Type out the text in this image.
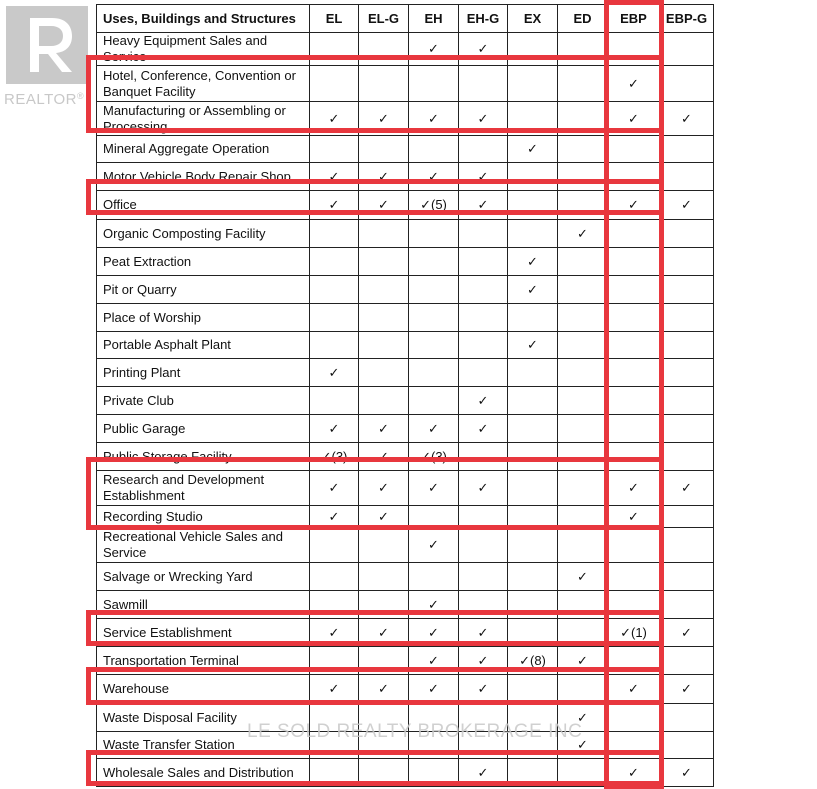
REALTOR®
Uses, Buildings and Structures	EL	EL-G	EH	EH-G	EX	ED	EBP	EBP-G
Heavy Equipment Sales and Service			✓	✓				
Hotel, Conference, Convention or Banquet Facility							✓	
Manufacturing or Assembling or Processing	✓	✓	✓	✓			✓	✓
Mineral Aggregate Operation					✓			
Motor Vehicle Body Repair Shop	✓	✓	✓	✓				
Office	✓	✓	✓(5)	✓			✓	✓
Organic Composting Facility						✓		
Peat Extraction					✓			
Pit or Quarry					✓			
Place of Worship								
Portable Asphalt Plant					✓			
Printing Plant	✓							
Private Club				✓				
Public Garage	✓	✓	✓	✓				
Public Storage Facility	✓(3)	✓	✓(3)					
Research and Development Establishment	✓	✓	✓	✓			✓	✓
Recording Studio	✓	✓					✓	
Recreational Vehicle Sales and Service			✓					
Salvage or Wrecking Yard						✓		
Sawmill			✓					
Service Establishment	✓	✓	✓	✓			✓(1)	✓
Transportation Terminal			✓	✓	✓(8)	✓		
Warehouse	✓	✓	✓	✓			✓	✓
Waste Disposal Facility						✓		
Waste Transfer Station						✓		
Wholesale Sales and Distribution				✓			✓	✓
LE SOLD REALTY BROKERAGE INC
